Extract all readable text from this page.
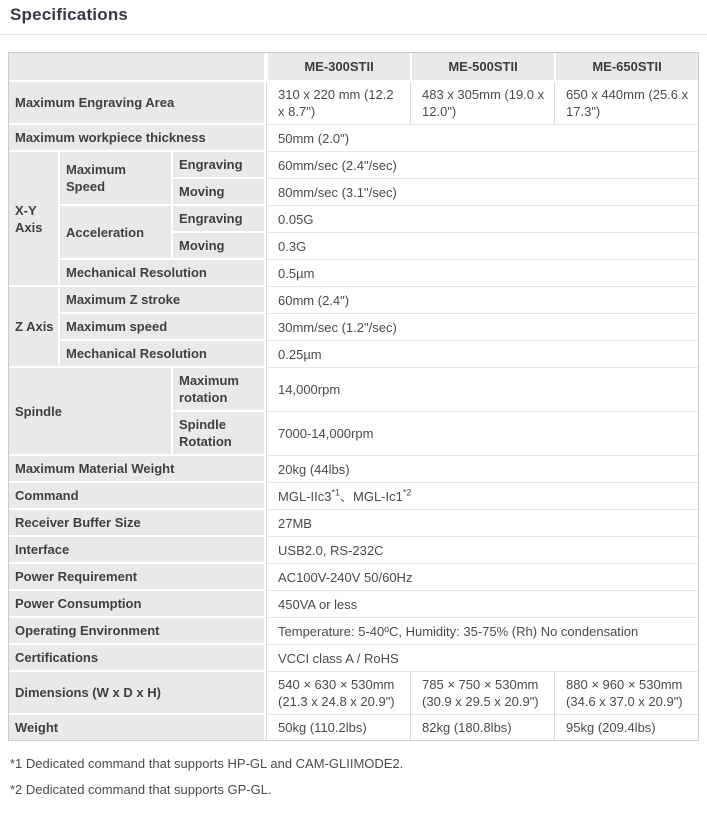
Specifications
			ME-300STII	ME-500STII	ME-650STII
Maximum Engraving Area			310 x 220 mm (12.2 x 8.7")	483 x 305mm (19.0 x 12.0")	650 x 440mm (25.6 x 17.3")
Maximum workpiece thickness			50mm (2.0")		
X-Y Axis	Maximum Speed	Engraving	60mm/sec (2.4"/sec)		
		Moving	80mm/sec (3.1"/sec)		
	Acceleration	Engraving	0.05G		
		Moving	0.3G		
	Mechanical Resolution		0.5µm		
Z Axis	Maximum Z stroke		60mm (2.4")		
	Maximum speed		30mm/sec (1.2"/sec)		
	Mechanical Resolution		0.25µm		
Spindle		Maximum rotation	14,000rpm		
		Spindle Rotation	7000-14,000rpm		
Maximum Material Weight			20kg (44lbs)		
Command			MGL-IIc3$^{*1}$、MGL-Ic1$^{*2}$
Receiver Buffer Size			27MB		
Interface			USB2.0, RS-232C		
Power Requirement			AC100V-240V 50/60Hz		
Power Consumption			450VA or less		
Operating Environment			Temperature: 5-40ºC, Humidity: 35-75% (Rh) No condensation		
Certifications			VCCI class A / RoHS		
Dimensions (W x D x H)			540 × 630 × 530mm (21.3 x 24.8 x 20.9")	785 × 750 × 530mm (30.9 x 29.5 x 20.9")	880 × 960 × 530mm (34.6 x 37.0 x 20.9")
Weight			50kg (110.2lbs)	82kg (180.8lbs)	95kg (209.4lbs)

*1 Dedicated command that supports HP-GL and CAM-GLIIMODE2.

*2 Dedicated command that supports GP-GL.
